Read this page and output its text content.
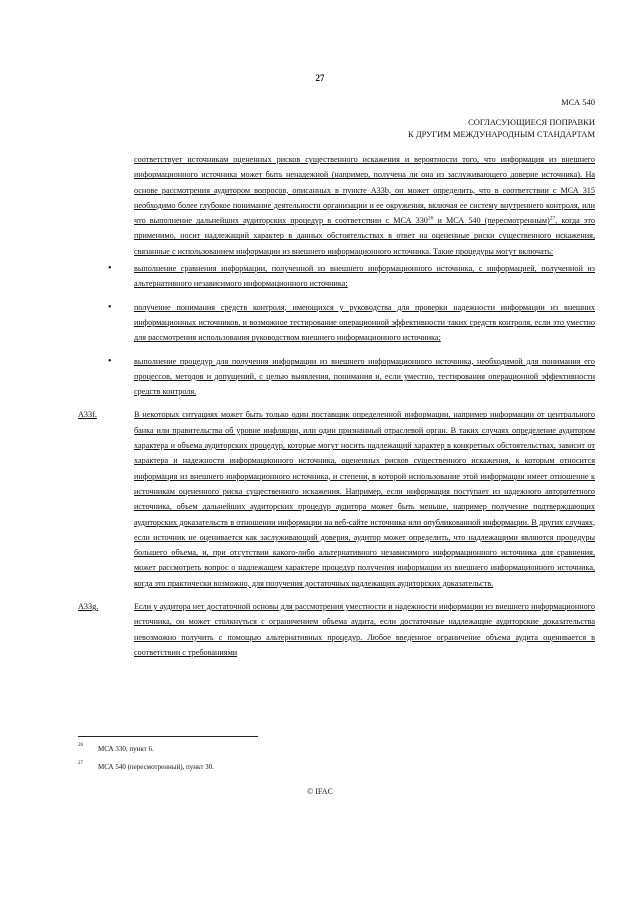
27
МСА 540
СОГЛАСУЮЩИЕСЯ ПОПРАВКИ
К ДРУГИМ МЕЖДУНАРОДНЫМ СТАНДАРТАМ

соответствует источникам оцененных рисков существенного искажения и вероятности того, что информация из внешнего информационного источника может быть ненадежной (например, полученa ли она из заслуживающего доверие источника). На основе рассмотрения аудитором вопросов, описанных в пункте A33b, он может определить, что в соответствии с МСА 315 необходимо более глубокое понимание деятельности организации и ее окружения, включая ее систему внутреннего контроля, или что выполнение дальнейших аудиторских процедур в соответствии с МСА $330^{26}$ и МСА 540 (пересмотренным)$^{27}$, когда это применимо, носит надлежащий характер в данных обстоятельствах в ответ на оцененные риски существенного искажения, связанные с использованием информации из внешнего информационного источника. Такие процедуры могут включать:

•	выполнение сравнения информации, полученной из внешнего информационного источника, с информацией, полученной из альтернативного независимого информационного источника;
•	получение понимания средств контроля, имеющихся у руководства для проверки надежности информации из внешних информационных источников, и возможное тестирование операционной эффективности таких средств контроля, если это уместно для рассмотрения использования руководством внешнего информационного источника;
•	выполнение процедур для получения информации из внешнего информационного источника, необходимой для понимания его процессов, методов и допущений, с целью выявления, понимания и, если уместно, тестирования операционной эффективности средств контроля.
A33f.	В некоторых ситуациях может быть только один поставщик определенной информации, например информации от центрального банка или правительства об уровне инфляции, или один признанный отраслевой орган. В таких случаях определение аудитором характера и объема аудиторских процедур, которые могут носить надлежащий характер в конкретных обстоятельствах, зависит от характера и надежности информационного источника, оцененных рисков существенного искажения, к которым относится информация из внешнего информационного источника, и степени, в которой использование этой информации имеет отношение к источникам оцененного риска существенного искажения. Например, если информация поступает из надежного авторитетного источника, объем дальнейших аудиторских процедур аудитора может быть меньше, например получение подтверждающих аудиторских доказательств в отношении информации на веб-сайте источника или опубликованной информации. В других случаях, если источник не оценивается как заслуживающий доверия, аудитор может определить, что надлежащими являются процедуры большего объема, и, при отсутствии какого-либо альтернативного независимого информационного источника для сравнения, может рассмотреть вопрос о надлежащем характере процедур получения информации из внешнего информационного источника, когда это практически возможно, для получения достаточных надлежащих аудиторских доказательств.
A33g.	Если у аудитора нет достаточной основы для рассмотрения уместности и надежности информации из внешнего информационного источника, он может столкнуться с ограничением объема аудита, если достаточные надлежащие аудиторские доказательства невозможно получить с помощью альтернативных процедур. Любое введенное ограничение объема аудита оценивается в соответствии с требованиями
26 МСА 330, пункт 6.
27 МСА 540 (пересмотренный), пункт 30.
© IFAC
